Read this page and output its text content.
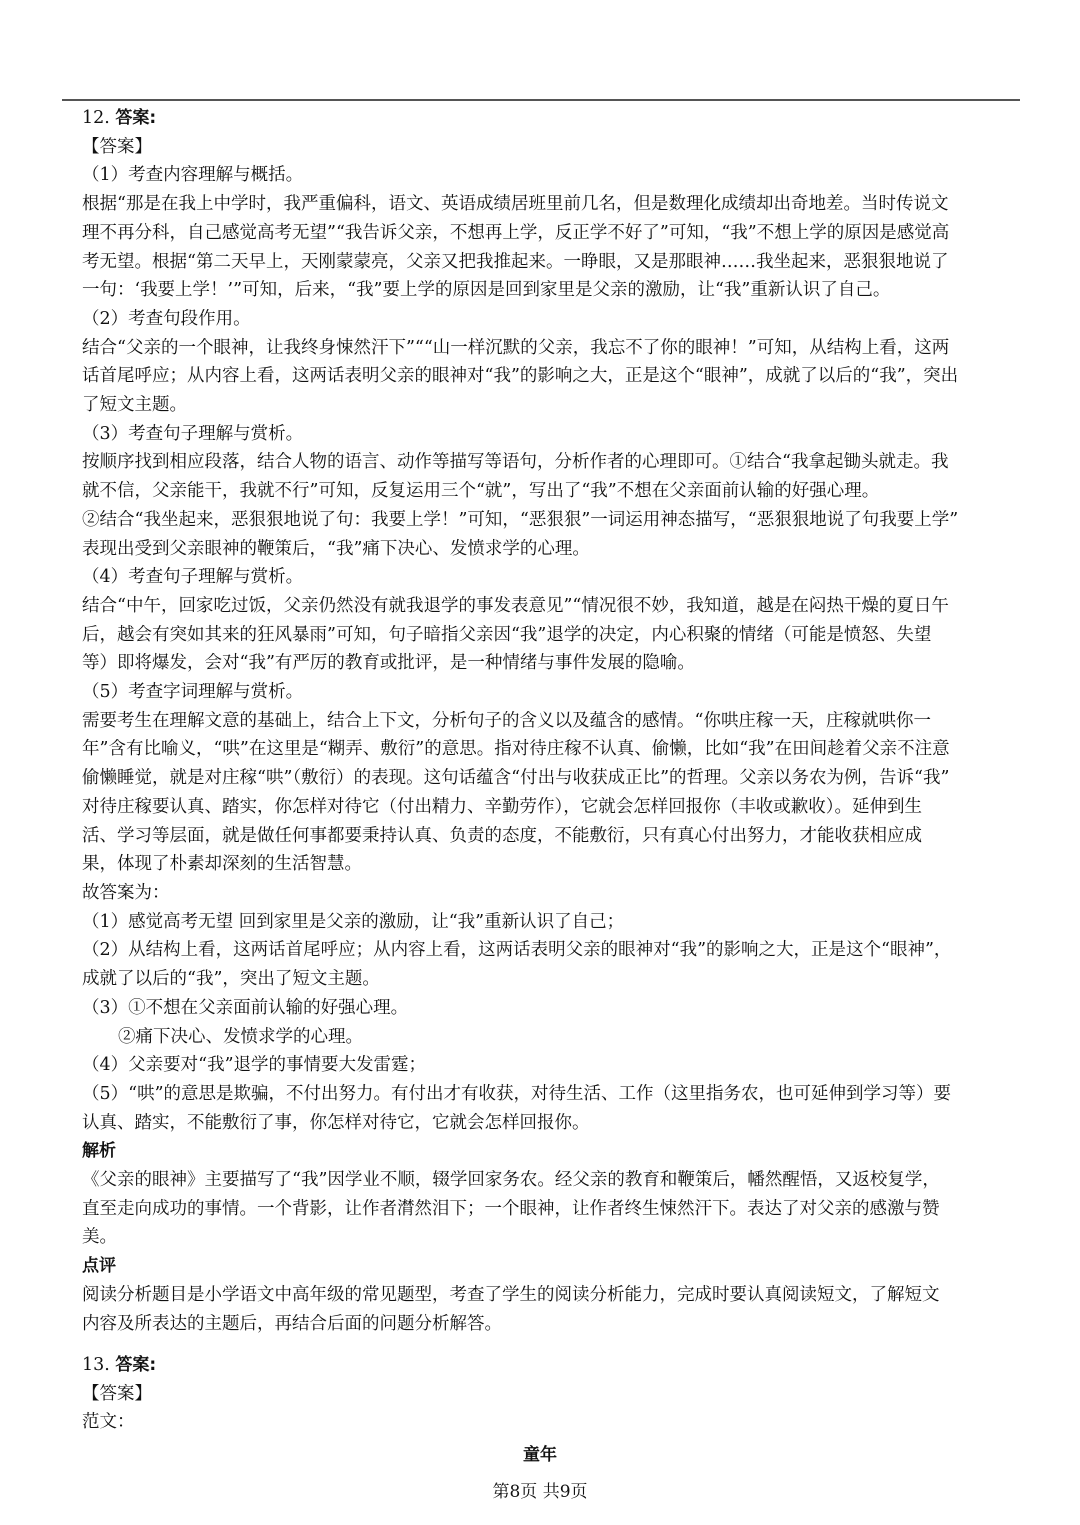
12. 答案:
【答案】
（1）考查内容理解与概括。
根据“那是在我上中学时，我严重偏科，语文、英语成绩居班里前几名，但是数理化成绩却出奇地差。当时传说文
理不再分科，自己感觉高考无望”“我告诉父亲，不想再上学，反正学不好了”可知，“我”不想上学的原因是感觉高
考无望。根据“第二天早上，天刚蒙蒙亮，父亲又把我推起来。一睁眼，又是那眼神……我坐起来，恶狠狠地说了
一句：‘我要上学！’”可知，后来，“我”要上学的原因是回到家里是父亲的激励，让“我”重新认识了自己。
（2）考查句段作用。
结合“父亲的一个眼神，让我终身悚然汗下”““山一样沉默的父亲，我忘不了你的眼神！”可知，从结构上看，这两
话首尾呼应；从内容上看，这两话表明父亲的眼神对“我”的影响之大，正是这个“眼神”，成就了以后的“我”，突出
了短文主题。
（3）考查句子理解与赏析。
按顺序找到相应段落，结合人物的语言、动作等描写等语句，分析作者的心理即可。①结合“我拿起锄头就走。我
就不信，父亲能干，我就不行”可知，反复运用三个“就”，写出了“我”不想在父亲面前认输的好强心理。
②结合“我坐起来，恶狠狠地说了句：我要上学！”可知，“恶狠狠”一词运用神态描写，“恶狠狠地说了句我要上学”
表现出受到父亲眼神的鞭策后，“我”痛下决心、发愤求学的心理。
（4）考查句子理解与赏析。
结合“中午，回家吃过饭，父亲仍然没有就我退学的事发表意见”“情况很不妙，我知道，越是在闷热干燥的夏日午
后，越会有突如其来的狂风暴雨”可知，句子暗指父亲因“我”退学的决定，内心积聚的情绪（可能是愤怒、失望
等）即将爆发，会对“我”有严厉的教育或批评，是一种情绪与事件发展的隐喻。
（5）考查字词理解与赏析。
需要考生在理解文意的基础上，结合上下文，分析句子的含义以及蕴含的感情。“你哄庄稼一天，庄稼就哄你一
年”含有比喻义，“哄”在这里是“糊弄、敷衍”的意思。指对待庄稼不认真、偷懒，比如“我”在田间趁着父亲不注意
偷懒睡觉，就是对庄稼“哄”（敷衍）的表现。这句话蕴含“付出与收获成正比”的哲理。父亲以务农为例，告诉“我”
对待庄稼要认真、踏实，你怎样对待它（付出精力、辛勤劳作），它就会怎样回报你（丰收或歉收）。延伸到生
活、学习等层面，就是做任何事都要秉持认真、负责的态度，不能敷衍，只有真心付出努力，才能收获相应成
果，体现了朴素却深刻的生活智慧。
故答案为：
（1）感觉高考无望 回到家里是父亲的激励，让“我”重新认识了自己；
（2）从结构上看，这两话首尾呼应；从内容上看，这两话表明父亲的眼神对“我”的影响之大，正是这个“眼神”，
成就了以后的“我”，突出了短文主题。
（3）①不想在父亲面前认输的好强心理。
②痛下决心、发愤求学的心理。
（4）父亲要对“我”退学的事情要大发雷霆；
（5）“哄”的意思是欺骗，不付出努力。有付出才有收获，对待生活、工作（这里指务农，也可延伸到学习等）要
认真、踏实，不能敷衍了事，你怎样对待它，它就会怎样回报你。
解析
《父亲的眼神》主要描写了“我”因学业不顺，辍学回家务农。经父亲的教育和鞭策后，幡然醒悟，又返校复学，
直至走向成功的事情。一个背影，让作者潸然泪下；一个眼神，让作者终生悚然汗下。表达了对父亲的感激与赞
美。
点评
阅读分析题目是小学语文中高年级的常见题型，考查了学生的阅读分析能力，完成时要认真阅读短文，了解短文
内容及所表达的主题后，再结合后面的问题分析解答。
13. 答案:
【答案】
范文：
童年
第8页 共9页
